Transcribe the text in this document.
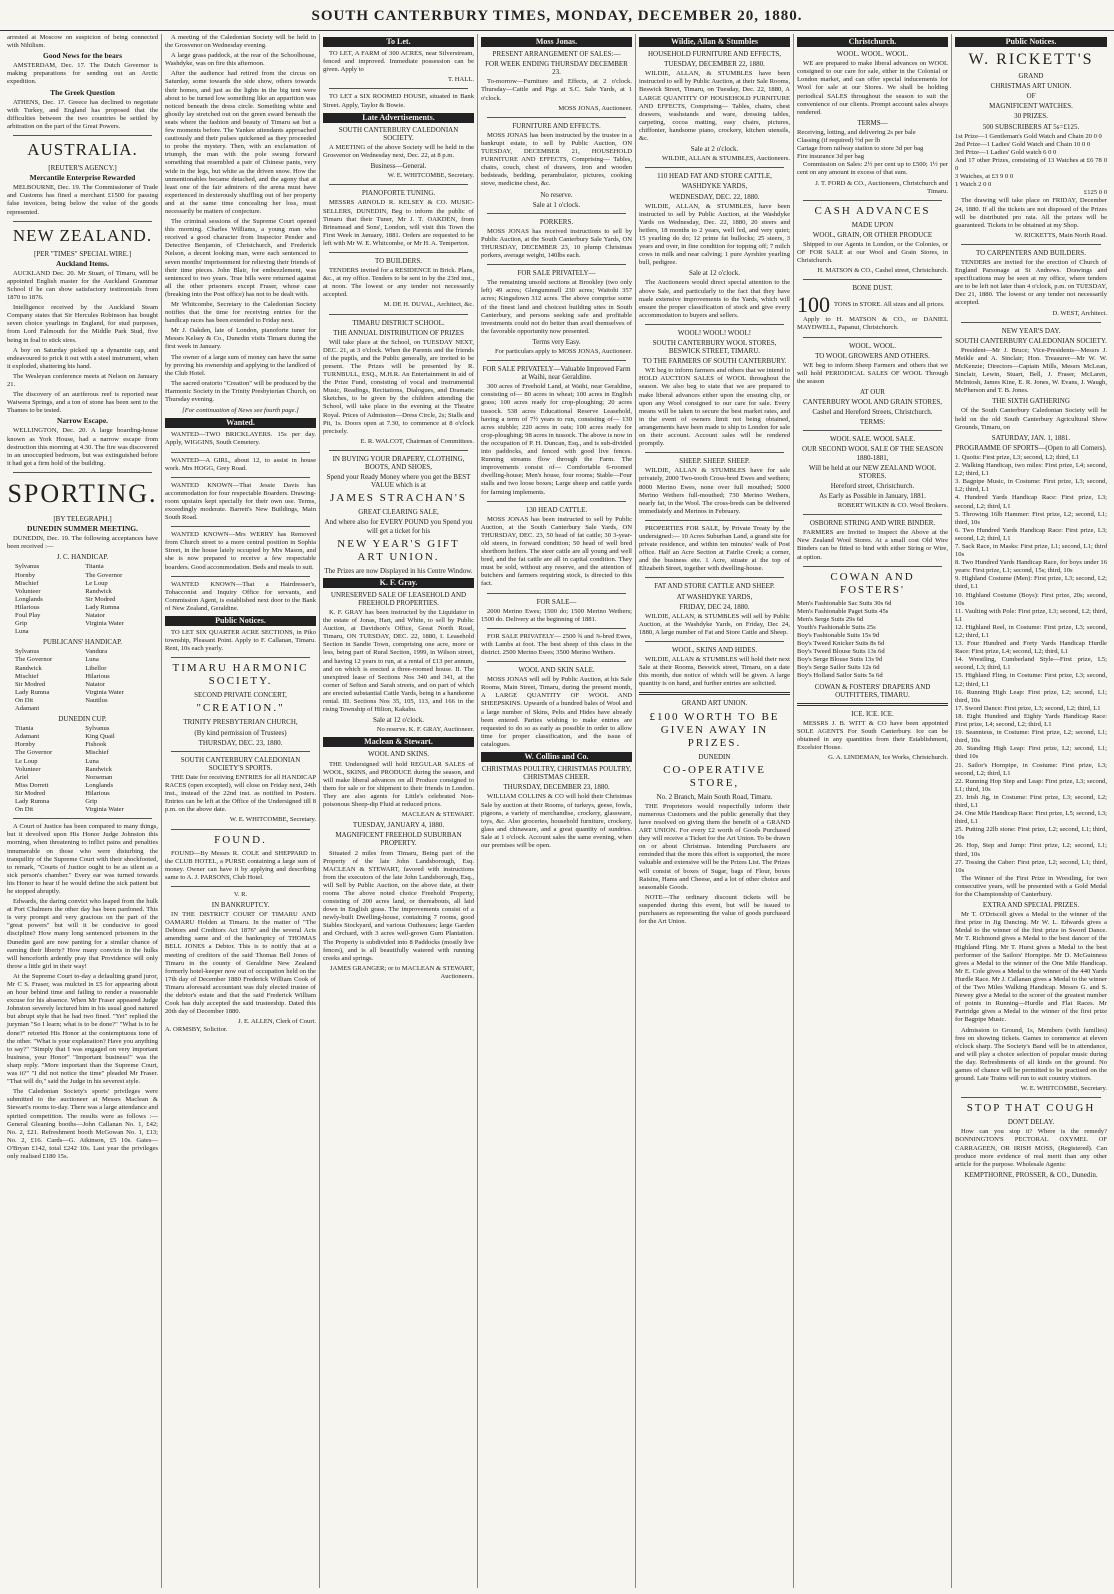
SOUTH CANTERBURY TIMES, MONDAY, DECEMBER 20, 1880.

arrested at Moscow on suspicion of being connected with Nihilism.

Good News for the bears

AMSTERDAM, Dec. 17. The Dutch Governor is making preparations for sending out an Arctic expedition.

The Greek Question

ATHENS, Dec. 17. Greece has declined to negotiate with Turkey, and England has proposed that the difficulties between the two countries be settled by arbitration on the part of the Great Powers.

AUSTRALIA.
[REUTER'S AGENCY.]
Mercantile Enterprise Rewarded

MELBOURNE, Dec. 19. The Commissioner of Trade and Customs has fined a merchant £1500 for passing false invoices, being below the value of the goods represented.

NEW ZEALAND.
[PER "TIMES" SPECIAL WIRE.]
Auckland Items.

AUCKLAND Dec. 20. Mr Stuart, of Timaru, will be appointed English master for the Auckland Grammar School if he can show satisfactory testimonials from 1870 to 1876.

Intelligence received by the Auckland Steam Company states that Sir Hercules Robinson has bought seven choice yearlings in England, for stud purposes, from Lord Falmouth for the Middle Park Stud, five being in foal to stick sires.

A boy on Saturday picked up a dynamite cap, and endeavoured to prick it out with a steel instrument, when it exploded, shattering his hand.

The Wesleyan conference meets at Nelson on January 21.

The discovery of an auriferous reef is reported near Waiwera Springs, and a ton of stone has been sent to the Thames to be tested.

Narrow Escape.

WELLINGTON, Dec. 20. A large boarding-house known as York House, had a narrow escape from destruction this morning at 4.30. The fire was discovered in an unoccupied bedroom, but was extinguished before it had got a firm hold of the building.

SPORTING.
[BY TELEGRAPH.]
DUNEDIN SUMMER MEETING.

DUNEDIN, Dec. 19. The following acceptances have been received :—

J. C. HANDICAP.
Sylvanus
Hornby
Mischief
Volunteer
Longlands
Hilarious
Foul Play
Grip
Luna
Titania
The Governor
Le Loup
Randwick
Sir Modred
Lady Rumna
Natator
Virginia Water
PUBLICANS' HANDICAP.
Sylvanus
The Governor
Randwick
Mischief
Sir Modred
Lady Rumna
On Dit
Adamant
Vandura
Luna
Libellor
Hilarious
Natator
Virginia Water
Nautilus
DUNEDIN CUP.
Titania
Adamant
Hornby
The Governor
Le Loup
Volunteer
Ariel
Miss Dorrett
Sir Modred
Lady Rumna
On Dit
Sylvanus
King Quail
Fishook
Mischief
Luna
Randwick
Norseman
Longlands
Hilarious
Grip
Virginia Water

A Court of Justice has been compared to many things, but it devolved upon His Honor Judge Johnston this morning, when threatening to inflict pains and penalties innumerable on those who were disturbing the tranquility of the Supreme Court with their shockfooted, to remark, "Courts of Justice ought to be as silent as a sick person's chamber." Every ear was turned towards his Honor to hear if he would define the sick patient but he stopped abruptly.

Edwards, the daring convict who leaped from the hulk at Port Chalmers the other day has been pardoned. This is very prompt and very gracious on the part of the "great powers" but will it be conducive to good discipline? How many long sentenced prisoners in the Dunedin gaol are now panting for a similar chance of earning their liberty? How many convicts in the hulks will henceforth ardently pray that Providence will only throw a little girl in their way!

At the Supreme Court to-day a defaulting grand juror, Mr C S. Fraser, was mulcted in £5 for appearing about an hour behind time and failing to render a reasonable excuse for his absence. When Mr Fraser appeared Judge Johnston severely lectured him in his usual good natured but abrupt style that he had two fined. "Yet" replied the juryman "So I learn; what is to be done?" "What is to be done?" retorted His Honor at the contemptuous tone of the other. "What is your explanation? Have you anything to say?" "Simply that I was engaged on very important business, your Honor" "Important business!" was the sharp reply. "More important than the Supreme Court, was it?" "I did not notice the time" pleaded Mr Fraser. "That will do," said the Judge in his severest style.

The Caledonian Society's sports' privileges were submitted to the auctioneer at Messrs Maclean & Stewart's rooms to-day. There was a large attendance and spirited competition. The results were as follows :— General Gleaning booths—John Callanan No. 1, £42; No. 2, £21. Refreshment booth McGowan No. 1, £13; No. 2, £16. Cards—G. Atkinson, £5 10s. Gates—O'Bryan £142, total £242 10s. Last year the privileges only realised £180 15s.

A meeting of the Caledonian Society will be held in the Grosvenor on Wednesday evening.

A large grass paddock, at the rear of the Schoolhouse, Washdyke, was on fire this afternoon.

After the audience had retired from the circus on Saturday, some towards the side show, others towards their homes, and just as the lights in the big tent were about to be turned low something like an apparition was noticed beneath the dress circle. Something white and ghostly lay stretched out on the green sward beneath the seats where the fashion and beauty of Timaru sat but a few moments before. The Yankee attendants approached cautiously and their pulses quickened as they proceeded to probe the mystery. Then, with an exclamation of triumph, the man with the pole swung forward something that resembled a pair of Chinese pants, very wide in the legs, but white as the driven snow. How the unmentionables became detached, and the agony that at least one of the fair admirers of the arena must have experienced in dexterously shuffling out of her property and at the same time concealing her loss, must necessarily be matters of conjecture.

The criminal sessions of the Supreme Court opened this morning. Charles Williams, a young man who received a good character from Inspector Pender and Detective Benjamin, of Christchurch, and Frederick Nelson, a decent looking man, were each sentenced to seven months' imprisonment for relieving their friends of their time pieces. John Blair, for embezzlement, was sentenced to two years. True bills were returned against all the other prisoners except Fraser, whose case (breaking into the Post office) has not to be dealt with.

Mr Whitcombe, Secretary to the Caledonian Society notifies that the time for receiving entries for the handicap races has been extended to Friday next.

Mr J. Oakden, late of London, pianoforte tuner for Messrs Kelsey & Co., Dunedin visits Timaru during the first week in January.

The owner of a large sum of money can have the same by proving his ownership and applying to the landlord of the Club Hotel.

The sacred oratorio "Creation" will be produced by the Harmonic Society in the Trinity Presbyterian Church, on Thursday evening.

[For continuation of News see fourth page.]
Wanted.

WANTED—TWO BRICKLAYERS. 15s per day. Apply, WIGGINS, South Cemetery.

WANTED—A GIRL, about 12, to assist in house work. Mrs HOGG, Grey Road.

WANTED KNOWN—That Jessie Davis has accommodation for four respectable Boarders. Drawing-room upstairs kept specially for their own use. Terms, exceedingly moderate. Barrett's New Buildings, Main South Road.

WANTED KNOWN—Mrs WERRY has Removed from Church street to a more central position in Sophia Street, in the house lately occupied by Mrs Mason, and she is now prepared to receive a few respectable boarders. Good accommodation. Beds and meals to suit.

WANTED KNOWN—That a Hairdresser's, Tobacconist and Inquiry Office for servants, and Commission Agent, is established next door to the Bank of New Zealand, Geraldine.

Public Notices.

TO LET SIX QUARTER ACRE SECTIONS, in Piko township, Pleasant Point. Apply to F. Callanan, Timaru. Rent, 10s each yearly.

TIMARU HARMONIC SOCIETY.
SECOND PRIVATE CONCERT,
"CREATION."
TRINITY PRESBYTERIAN CHURCH,
(By kind permission of Trustees)
THURSDAY, DEC. 23, 1880.
SOUTH CANTERBURY CALEDONIAN SOCIETY'S SPORTS.

THE Date for receiving ENTRIES for all HANDICAP RACES (open excepted), will close on Friday next, 24th inst., instead of the 22nd inst. as notified in Posters. Entries can be left at the Office of the Undersigned till 8 p.m. on the above date.

W. E. WHITCOMBE, Secretary.
FOUND.

FOUND—By Messrs R. COLE and SHEPPARD in the CLUB HOTEL, a PURSE containing a large sum of money. Owner can have it by applying and describing same to A. J. PARSONS, Club Hotel.

V. R.
IN BANKRUPTCY.

IN THE DISTRICT COURT OF TIMARU AND OAMARU Holden at Timaru. In the matter of "The Debtors and Creditors Act 1876" and the several Acts amending same and of the bankruptcy of THOMAS BELL JONES a Debtor. This is to notify that at a meeting of creditors of the said Thomas Bell Jones of Timaru in the county of Geraldine New Zealand formerly hotel-keeper now out of occupation held on the 17th day of December 1880 Frederick William Cook of Timaru aforesaid accountant was duly elected trustee of the debtor's estate and that the said Frederick William Cook has duly accepted the said trusteeship. Dated this 20th day of December 1880.

J. E. ALLEN, Clerk of Court.
A. ORMSBY, Solicitor.
To Let.

TO LET, A FARM of 300 ACRES, near Silverstream, fenced and improved. Immediate possession can be given. Apply to

T. HALL.

TO LET a SIX ROOMED HOUSE, situated in Bank Street. Apply, Taylor & Bowie.

Late Advertisements.
SOUTH CANTERBURY CALEDONIAN SOCIETY.

A MEETING of the above Society will be held in the Grosvenor on Wednesday next, Dec. 22, at 8 p.m.

Business—General.
W. E. WHITCOMBE, Secretary.
PIANOFORTE TUNING.

MESSRS ARNOLD R. KELSEY & CO. MUSIC-SELLERS, DUNEDIN, Beg to inform the public of Timaru that their Tuner, Mr J. T. OAKDEN, from Brinsmead and Sons', London, will visit this Town the First Week in January, 1881. Orders are requested to be left with Mr W. E. Whitcombe, or Mr H. A. Temperton.

TO BUILDERS.

TENDERS invited for a RESIDENCE in Brick. Plans, &c., at my office. Tenders to be sent in by the 23rd inst., at noon. The lowest or any tender not necessarily accepted.

M. DE H. DUVAL, Architect, &c.
TIMARU DISTRICT SCHOOL.
THE ANNUAL DISTRIBUTION OF PRIZES

Will take place at the School, on TUESDAY NEXT, DEC. 21, at 3 o'clock. When the Parents and the friends of the pupils, and the Public generally, are invited to be present. The Prizes will be presented by R. TURNBULL, ESQ., M.H.R. An Entertainment in aid of the Prize Fund, consisting of vocal and instrumental Music, Readings, Recitations, Dialogues, and Dramatic Sketches, to be given by the children attending the School, will take place in the evening at the Theatre Royal. Prices of Admission—Dress Circle, 2s; Stalls and Pit, 1s. Doors open at 7.30, to commence at 8 o'clock precisely.

E. R. WALCOT, Chairman of Committees.
IN BUYING YOUR DRAPERY, CLOTHING, BOOTS, AND SHOES,
Spend your Ready Money where you get the BEST VALUE which is at
JAMES STRACHAN'S
GREAT CLEARING SALE,
And where also for EVERY POUND you Spend you will get a ticket for his
NEW YEAR'S GIFT ART UNION.
The Prizes are now Displayed in his Centre Window.
K. F. Gray.
UNRESERVED SALE OF LEASEHOLD AND FREEHOLD PROPERTIES.

K. F. GRAY has been instructed by the Liquidator in the estate of Jonas, Hart, and White, to sell by Public Auction, at Davidson's Office, Great North Road, Timaru, ON TUESDAY, DEC. 22, 1880, I. Leasehold Section in Sandie Town, comprising one acre, more or less, being part of Rural Section, 1999, in Wilson street, and having 12 years to run, at a rental of £13 per annum, and on which is erected a three-roomed house. II. The unexpired lease of Sections Nos 340 and 341, at the corner of Sefton and Sarah streets, and on part of which are erected substantial Cattle Yards, being in a handsome rental. III. Sections Nos 35, 105, 113, and 166 in the rising Township of Hilton, Kakahu.

Sale at 12 o'clock.
No reserve. K. F. GRAY, Auctioneer.
Maclean & Stewart.
WOOL AND SKINS.

THE Undersigned will hold REGULAR SALES of WOOL, SKINS, and PRODUCE during the season, and will make liberal advances on all Produce consigned to them for sale or for shipment to their friends in London. They are also agents for Little's celebrated Non-poisonous Sheep-dip Fluid at reduced prices.

MACLEAN & STEWART.
TUESDAY, JANUARY 4, 1880.
MAGNIFICENT FREEHOLD SUBURBAN PROPERTY.

Situated 2 miles from Timaru, Being part of the Property of the late John Landsborough, Esq. MACLEAN & STEWART, favored with instructions from the executors of the late John Landsborough, Esq., will Sell by Public Auction, on the above date, at their rooms The above noted choice Freehold Property, consisting of 200 acres land, or thereabouts, all laid down in English grass. The improvements consist of a newly-built Dwelling-house, containing 7 rooms, good Stables Stockyard, and various Outhouses; large Garden and Orchard, with 3 acres well-grown Gum Plantation. The Property is subdivided into 8 Paddocks (mostly live fences), and is all beautifully watered with running creeks and springs.

JAMES GRANGER; or to MACLEAN & STEWART, Auctioneers.
Moss Jonas.
PRESENT ARRANGEMENT OF SALES:—
FOR WEEK ENDING THURSDAY DECEMBER 23.

To-morrow—Furniture and Effects, at 2 o'clock. Thursday—Cattle and Pigs at S.C. Sale Yards, at 1 o'clock.

MOSS JONAS, Auctioneer.
FURNITURE AND EFFECTS.

MOSS JONAS has been instructed by the trustee in a bankrupt estate, to sell by Public Auction, ON TUESDAY, DECEMBER 21, HOUSEHOLD FURNITURE AND EFFECTS, Comprising— Tables, chairs, couch, chest of drawers, iron and wooden bedsteads, bedding, perambulator, pictures, cooking stove, medicine chest, &c.

No reserve.
Sale at 1 o'clock.
PORKERS.

MOSS JONAS has received instructions to sell by Public Auction, at the South Canterbury Sale Yards, ON THURSDAY, DECEMBER 23, 10 plump Christmas porkers, average weight, 140lbs each.

FOR SALE PRIVATELY—

The remaining unsold sections at Brookley (two only left) 49 acres; Glengummell 230 acres; Waitohi 357 acres; Kingsdown 312 acres. The above comprise some of the finest land and choicest building sites in South Canterbury, and persons seeking safe and profitable investments could not do better than avail themselves of the favorable opportunity now presented.

Terms very Easy.
For particulars apply to MOSS JONAS, Auctioneer.
FOR SALE PRIVATELY—Valuable Improved Farm at Waihi, near Geraldine.

300 acres of Freehold Land, at Waihi, near Geraldine, consisting of— 80 acres in wheat; 100 acres in English grass; 100 acres ready for crop-ploughing; 20 acres tussock. 538 acres Educational Reserve Leasehold, having a term of 7½ years to run, consisting of— 130 acres stubble; 220 acres in oats; 100 acres ready for crop-ploughing; 98 acres in tussock. The above is now in the occupation of P. H. Duncan, Esq., and is sub-divided into paddocks, and fenced with good live fences. Running streams flow through the Farm. The improvements consist of— Comfortable 6-roomed dwelling-house; Men's house, four rooms; Stable—Four stalls and two loose boxes; Large sheep and cattle yards for farming implements.

130 HEAD CATTLE.

MOSS JONAS has been instructed to sell by Public Auction, at the South Canterbury Sale Yards, ON THURSDAY, DEC. 23, 50 head of fat cattle; 30 3-year-old steers, in forward condition; 50 head of well bred shorthorn heifers. The steer cattle are all young and well bred, and the fat cattle are all in capital condition. They must be sold, without any reserve, and the attention of butchers and farmers requiring stock, is directed to this fact.

FOR SALE—

2000 Merino Ewes; 1500 do; 1500 Merino Wethers; 1500 do. Delivery at the beginning of 1881.

FOR SALE PRIVATELY— 2500 ¾ and ⅞-bred Ewes, with Lambs at foot. The best sheep of this class in the district. 2500 Merino Ewes; 3500 Merino Wethers.

WOOL AND SKIN SALE.

MOSS JONAS will sell by Public Auction, at his Sale Rooms, Main Street, Timaru, during the present month, A LARGE QUANTITY OF WOOL AND SHEEPSKINS. Upwards of a hundred bales of Wool and a large number of Skins, Pelts and Hides have already been entered. Parties wishing to make entries are requested to do so as early as possible in order to allow time for proper classification, and the issue of catalogues.

W. Collins and Co.
CHRISTMAS POULTRY, CHRISTMAS POULTRY, CHRISTMAS CHEER.
THURSDAY, DECEMBER 23, 1880.

WILLIAM COLLINS & CO will hold their Christmas Sale by auction at their Rooms, of turkeys, geese, fowls, pigeons, a variety of merchandise, crockery, glassware, toys, &c. Also groceries, household furniture, crockery, glass and chinaware, and a great quantity of sundries. Sale at 1 o'clock. Account sales the same evening, when our premises will be open.

Wildie, Allan & Stumbles
HOUSEHOLD FURNITURE AND EFFECTS,
TUESDAY, DECEMBER 22, 1880.

WILDIE, ALLAN, & STUMBLES have been instructed to sell by Public Auction, at their Sale Rooms, Beswick Street, Timaru, on Tuesday, Dec. 22, 1880, A LARGE QUANTITY OF HOUSEHOLD FURNITURE AND EFFECTS, Comprising— Tables, chairs, chest drawers, washstands and ware, dressing tables, carpeting, cocoa matting, easy chairs, pictures, chiffonier, handsome piano, crockery, kitchen utensils, &c.

Sale at 2 o'clock.
WILDIE, ALLAN & STUMBLES, Auctioneers.
110 HEAD FAT AND STORE CATTLE,
WASHDYKE YARDS,
WEDNESDAY, DEC. 22, 1880.

WILDIE, ALLAN, & STUMBLES, have been instructed to sell by Public Auction, at the Washdyke Yards on Wednesday, Dec. 22, 1880, 20 steers and heifers, 18 months to 2 years, well fed, and very quiet; 15 yearling do do; 12 prime fat bullocks; 25 steers, 3 years and over, in fine condition for topping off; 7 milch cows in milk and near calving; 1 pure Ayrshire yearling bull, pedigree.

Sale at 12 o'clock.

The Auctioneers would direct special attention to the above Sale, and particularly to the fact that they have made extensive improvements to the Yards, which will ensure the proper classification of stock and give every accommodation to buyers and sellers.

WOOL! WOOL! WOOL!
SOUTH CANTERBURY WOOL STORES, BESWICK STREET, TIMARU.
TO THE FARMERS OF SOUTH CANTERBURY.

WE beg to inform farmers and others that we intend to HOLD AUCTION SALES of WOOL throughout the season. We also beg to state that we are prepared to make liberal advances either upon the ensuing clip, or upon any Wool consigned to our care for sale. Every means will be taken to secure the best market rates, and in the event of owners limit not being obtained, arrangements have been made to ship to London for sale on their account. Account sales will be rendered promptly.

SHEEP. SHEEP. SHEEP.

WILDIE, ALLAN & STUMBLES have for sale privately, 2000 Two-tooth Cross-bred Ewes and wethers; 8000 Merino Ewes, none over full mouthed; 5000 Merino Wethers full-mouthed; 730 Merino Wethers, nearly fat, in the Wool. The cross-breds can be delivered immediately and Merinos in February.

PROPERTIES FOR SALE, by Private Treaty by the undersigned:— 10 Acres Suburban Land, a grand site for private residence, and within ten minutes' walk of Post office. Half an Acre Section at Fairlie Creek; a corner, and the business site. 1 Acre, situate at the top of Elizabeth Street, together with dwelling-house.

FAT AND STORE CATTLE AND SHEEP.
AT WASHDYKE YARDS,
FRIDAY, DEC 24, 1880.

WILDIE, ALLAN, & STUMBLES will sell by Public Auction, at the Washdyke Yards, on Friday, Dec 24, 1880, A large number of Fat and Store Cattle and Sheep.

WOOL, SKINS AND HIDES.

WILDIE, ALLAN & STUMBLES will hold their next Sale at their Rooms, Beswick street, Timaru, on a date this month, due notice of which will be given. A large quantity is on hand, and further entries are solicited.

GRAND ART UNION.
£100 WORTH TO BE GIVEN AWAY IN PRIZES.
DUNEDIN
CO-OPERATIVE STORE,
No. 2 Branch, Main South Road, Timaru.

THE Proprietors would respectfully inform their numerous Customers and the public generally that they have resolved on giving them the benefit of a GRAND ART UNION. For every £2 worth of Goods Purchased they will receive a Ticket for the Art Union. To be drawn on or about Christmas. Intending Purchasers are reminded that the more this effort is supported, the more valuable and extensive will be the Prizes List. The Prizes will consist of boxes of Sugar, bags of Flour, boxes Raisins, Hams and Cheese, and a lot of other choice and seasonable Goods.

NOTE—The ordinary discount tickets will be suspended during this event, but will be issued to purchasers as representing the value of goods purchased for the Art Union.

Christchurch.
WOOL. WOOL. WOOL.

WE are prepared to make liberal advances on WOOL consigned to our care for sale, either in the Colonial or London market, and can offer special inducements for Wool for sale at our Stores. We shall be holding periodical SALES throughout the season to suit the convenience of our clients. Prompt account sales always rendered.

TERMS—
Receiving, lotting, and delivering 2s per bale
Classing (if required) ½d per lb
Cartage from railway station to store 3d per bag
Fire insurance 3d per bag

Commission on Sales: 2½ per cent up to £500; 1½ per cent on any amount in excess of that sum.

J. T. FORD & CO., Auctioneers, Christchurch and Timaru.
CASH ADVANCES
MADE UPON
WOOL, GRAIN, OR OTHER PRODUCE

Shipped to our Agents in London, or the Colonies, or OF FOR SALE at our Wool and Grain Stores, in Christchurch.

H. MATSON & CO., Cashel street, Christchurch.
BONE DUST.
100 TONS in STORE. All sizes and all prices.

Apply to H. MATSON & CO., or DANIEL MAYDWELL, Papanui, Christchurch.

WOOL. WOOL.
TO WOOL GROWERS AND OTHERS.

WE beg to inform Sheep Farmers and others that we will hold PERIODICAL SALES OF WOOL Through the season

AT OUR
CANTERBURY WOOL AND GRAIN STORES,
Cashel and Hereford Streets, Christchurch.
TERMS:
WOOL SALE. WOOL SALE.
OUR SECOND WOOL SALE OF THE SEASON 1880-1881,
Will be held at our NEW ZEALAND WOOL STORES.
Hereford street, Christchurch.
As Early as Possible in January, 1881.
ROBERT WILKIN & CO. Wool Brokers.
OSBORNE STRING AND WIRE BINDER.

FARMERS are Invited to Inspect the Above at the New Zealand Wool Stores. At a small cost Old Wire Binders can be fitted to bind with either String or Wire, at option.

COWAN AND FOSTERS'
Men's Fashionable Sac Suits 30s 6d
Men's Fashionable Paget Suits 45s
Men's Serge Suits 29s 6d
Youth's Fashionable Suits 25s
Boy's Fashionable Suits 15s 9d
Boy's Tweed Knicker Suits 8s 6d
Boy's Tweed Blouse Suits 13s 6d
Boy's Serge Blouse Suits 13s 9d
Boy's Serge Sailor Suits 12s 6d
Boy's Holland Sailor Suits 5s 6d
COWAN & FOSTERS' DRAPERS AND OUTFITTERS, TIMARU.
ICE. ICE. ICE.

MESSRS J. B. WITT & CO have been appointed SOLE AGENTS For South Canterbury. Ice can be obtained in any quantities from their Establishment, Excelsior House.

G. A. LINDEMAN, Ice Works, Christchurch.
Public Notices.
W. RICKETT'S
GRAND
CHRISTMAS ART UNION.
OF
MAGNIFICENT WATCHES.
30 PRIZES.
500 SUBSCRIBERS AT 5s=£125.
1st Prize—1 Gentleman's Gold Watch and Chain 20 0 0
2nd Prize—1 Ladies' Gold Watch and Chain 10 0 0
3rd Prize—1 Ladies' Gold watch 6 0 0
And 17 other Prizes, consisting of 13 Watches at £6 78 0 0
3 Watches, at £3 9 0 0
1 Watch 2 0 0
£125 0 0

The drawing will take place on FRIDAY, December 24, 1880. If all the tickets are not disposed of the Prizes will be distributed pro rata. All the prizes will be guaranteed. Tickets to be obtained at my Shop.

W. RICKETTS, Main North Road.
TO CARPENTERS AND BUILDERS.

TENDERS are invited for the erection of Church of England Parsonage at St Andrews. Drawings and specifications may be seen at my office, where tenders are to be left not later than 4 o'clock, p.m. on TUESDAY, Dec 21, 1880. The lowest or any tender not necessarily accepted.

D. WEST, Architect.
NEW YEAR'S DAY.
SOUTH CANTERBURY CALEDONIAN SOCIETY.

President—Mr J. Bruce; Vice-Presidents—Messrs J. Meikle and A. Sinclair; Hon. Treasurer—Mr W. W. McKenzie; Directors—Captain Mills, Messrs McLean, Sinclair, Lewin, Stuart, Bell, J. Fraser, McLaren, McIntosh, James Kine, E. R. Jones, W. Evans, J. Waugh, McPherson and T. B. Jones.

THE SIXTH GATHERING

Of the South Canterbury Caledonian Society will be held on the old South Canterbury Agricultural Show Grounds, Timaru, on

SATURDAY, JAN. 1, 1881.
PROGRAMME OF SPORTS—(Open to all Comers).
1. Quoits: First prize, L3; second, L2; third, L1
2. Walking Handicap, two miles: First prize, L4; second, L2; third, L1
3. Bagpipe Music, in Costume: First prize, L3; second, L2; third, L1
4. Hundred Yards Handicap Race: First prize, L3; second, L2; third, L1
5. Throwing 16lb Hammer: First prize, L2; second, L1; third, 10s
6. Two Hundred Yards Handicap Race: First prize, L3; second, L2; third, L1
7. Sack Race, in Masks: First prize, L1; second, L1; third 10s
8. Two Hundred Yards Handicap Race, for boys under 16 years: First prize, L1; second, 15s; third, 10s
9. Highland Costume (Men): First prize, L3; second, L2; third, L1
10. Highland Costume (Boys): First prize, 20s; second, 10s
11. Vaulting with Pole: First prize, L3; second, L2; third, L1
12. Highland Reel, in Costume: First prize, L3; second, L2; third, L1
13. Four Hundred and Forty Yards Handicap Hurdle Race: First prize, L4; second, L2; third, L1
14. Wrestling, Cumberland Style—First prize, L5; second, L3; third, L1
15. Highland Fling, in Costume: First prize, L3; second, L2; third, L1
16. Running High Leap: First prize, L2; second, L1; third, 10s
17. Sword Dance: First prize, L3; second, L2; third, L1
18. Eight Hundred and Eighty Yards Handicap Race: First prize, L4; second, L2; third, L1
19. Seannteus, in Costume: First prize, L2; second, L1; third, 10s
20. Standing High Leap: First prize, L2; second, L1; third 10s
21. Sailor's Hornpipe, in Costume: First prize, L3; second, L2; third, L1
22. Running Hop Step and Leap: First prize, L3; second, L1; third, 10s
23. Irish Jig, in Costume: First prize, L3; second, L2; third, L1
24. One Mile Handicap Race: First prize, L5; second, L3; third, L1
25. Putting 22lb stone: First prize, L2; second, L1; third, 10s
26. Hop, Step and Jump: First prize, L2; second, L1; third, 10s
27. Tossing the Caber: First prize, L2; second, L1; third, 10s

The Winner of the First Prize in Wrestling, for two consecutive years, will be presented with a Gold Medal for the Championship of Canterbury.

EXTRA AND SPECIAL PRIZES.

Mr T. O'Driscoll gives a Medal to the winner of the first prize in Jig Dancing. Mr W. L. Edwards gives a Medal to the winner of the first prize in Sword Dance. Mr T. Richmond gives a Medal to the best dancer of the Highland Fling. Mr T. Hurst gives a Medal to the best performer of the Sailors' Hornpipe. Mr D. McGuinness gives a Medal to the winner of the One Mile Handicap. Mr E. Cole gives a Medal to the winner of the 440 Yards Hurdle Race. Mr J. Callanan gives a Medal to the winner of the Two Miles Walking Handicap. Messrs G. and S. Newey give a Medal to the scorer of the greatest number of points in Running—Hurdle and Flat Races. Mr Partridge gives a Medal to the winner of the first prize for Bagpipe Music.

Admission to Ground, 1s, Members (with families) free on showing tickets. Games to commence at eleven o'clock sharp. The Society's Band will be in attendance, and will play a choice selection of popular music during the day. Refreshments of all kinds on the ground. No games of chance will be permitted to be practised on the ground. Late Trains will run to suit country visitors.

W. E. WHITCOMBE, Secretary.
STOP THAT COUGH
DON'T DELAY.

How can you stop it? Where is the remedy? BONNINGTON'S PECTORAL OXYMEL OF CARRAGEEN, OR IRISH MOSS, (Registered). Can produce more evidence of real merit than any other article for the purpose. Wholesale Agents:

KEMPTHORNE, PROSSER, & CO., Dunedin.
